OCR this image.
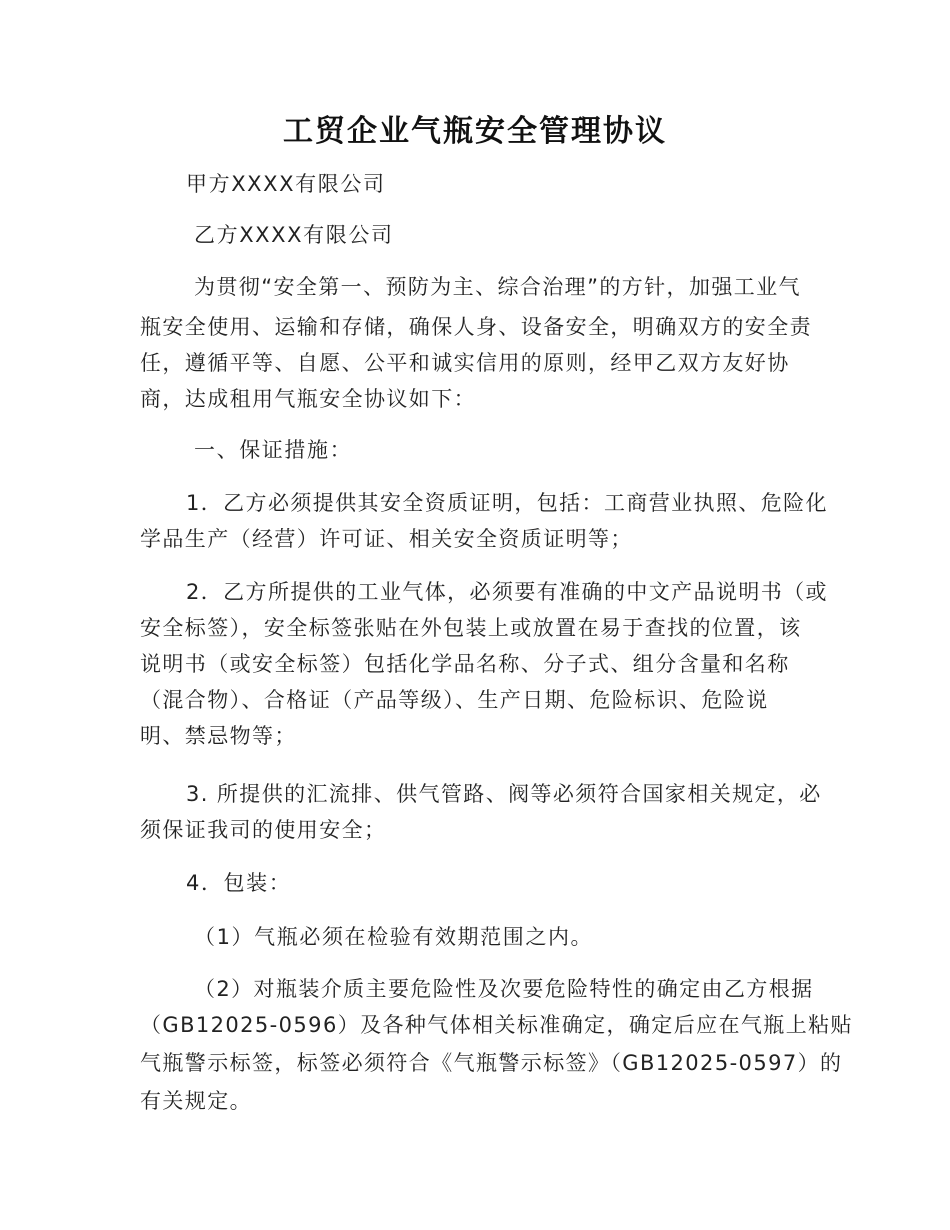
工贸企业气瓶安全管理协议
甲方XXXX有限公司
乙方XXXX有限公司
为贯彻“安全第一、预防为主、综合治理”的方针，加强工业气
瓶安全使用、运输和存储，确保人身、设备安全，明确双方的安全责
任，遵循平等、自愿、公平和诚实信用的原则，经甲乙双方友好协
商，达成租用气瓶安全协议如下：
一、保证措施：
1．乙方必须提供其安全资质证明，包括：工商营业执照、危险化
学品生产（经营）许可证、相关安全资质证明等；
2．乙方所提供的工业气体，必须要有准确的中文产品说明书（或
安全标签），安全标签张贴在外包装上或放置在易于查找的位置，该
说明书（或安全标签）包括化学品名称、分子式、组分含量和名称
（混合物）、合格证（产品等级）、生产日期、危险标识、危险说
明、禁忌物等；
3. 所提供的汇流排、供气管路、阀等必须符合国家相关规定，必
须保证我司的使用安全；
4．包装：
（1）气瓶必须在检验有效期范围之内。
（2）对瓶装介质主要危险性及次要危险特性的确定由乙方根据
（GB12025-0596）及各种气体相关标准确定，确定后应在气瓶上粘贴
气瓶警示标签，标签必须符合《气瓶警示标签》（GB12025-0597）的
有关规定。
